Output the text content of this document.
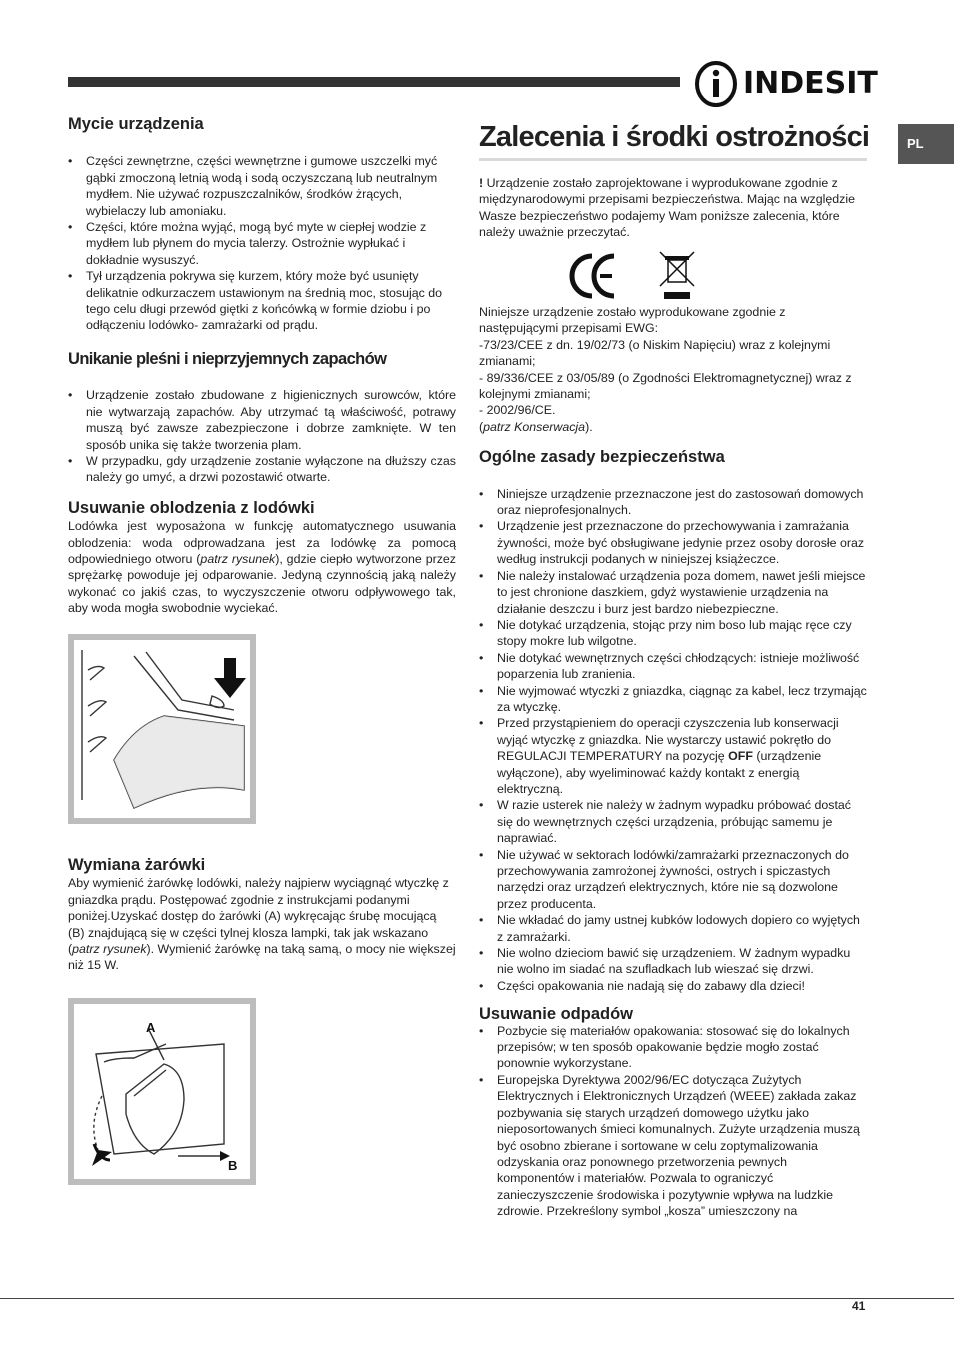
INDESIT
PL
Zalecenia i środki ostrożności
Mycie urządzenia
• Części zewnętrzne, części wewnętrzne i gumowe uszczelki myć gąbki zmoczoną letnią wodą i sodą oczyszczaną lub neutralnym mydłem. Nie używać rozpuszczalników, środków żrących, wybielaczy lub amoniaku.
• Części, które można wyjąć, mogą być myte w ciepłej wodzie z mydłem lub płynem do mycia talerzy. Ostrożnie wypłukać i dokładnie wysuszyć.
• Tył urządzenia pokrywa się kurzem, który może być usunięty delikatnie odkurzaczem ustawionym na średnią moc, stosując do tego celu długi przewód giętki z końcówką w formie dziobu i po odłączeniu lodówko- zamrażarki od prądu.
Unikanie pleśni i nieprzyjemnych zapachów
• Urządzenie zostało zbudowane z higienicznych surowców, które nie wytwarzają zapachów. Aby utrzymać tą właściwość, potrawy muszą być zawsze zabezpieczone i dobrze zamknięte. W ten sposób unika się także tworzenia plam.
• W przypadku, gdy urządzenie zostanie wyłączone na dłuższy czas należy go umyć, a drzwi pozostawić otwarte.
Usuwanie oblodzenia z lodówki

Lodówka jest wyposażona w funkcję automatycznego usuwania oblodzenia: woda odprowadzana jest za lodówkę za pomocą odpowiedniego otworu (patrz rysunek), gdzie ciepło wytworzone przez sprężarkę powoduje jej odparowanie. Jedyną czynnością jaką należy wykonać co jakiś czas, to wyczyszczenie otworu odpływowego tak, aby woda mogła swobodnie wyciekać.

Wymiana żarówki

Aby wymienić żarówkę lodówki, należy najpierw wyciągnąć wtyczkę z gniazdka prądu. Postępować zgodnie z instrukcjami podanymi poniżej.Uzyskać dostęp do żarówki (A) wykręcając śrubę mocującą (B) znajdującą się w części tylnej klosza lampki, tak jak wskazano (patrz rysunek). Wymienić żarówkę na taką samą, o mocy nie większej niż 15 W.

A
B

! Urządzenie zostało zaprojektowane i wyprodukowane zgodnie z międzynarodowymi przepisami bezpieczeństwa. Mając na względzie Wasze bezpieczeństwo podajemy Wam poniższe zalecenia, które należy uważnie przeczytać.

Niniejsze urządzenie zostało wyprodukowane zgodnie z następującymi przepisami EWG:

-73/23/CEE z dn. 19/02/73 (o Niskim Napięciu) wraz z kolejnymi zmianami;

- 89/336/CEE z 03/05/89 (o Zgodności Elektromagnetycznej) wraz z kolejnymi zmianami;

- 2002/96/CE.

(patrz Konserwacja).

Ogólne zasady bezpieczeństwa
• Niniejsze urządzenie przeznaczone jest do zastosowań domowych oraz nieprofesjonalnych.
• Urządzenie jest przeznaczone do przechowywania i zamrażania żywności, może być obsługiwane jedynie przez osoby dorosłe oraz według instrukcji podanych w niniejszej książeczce.
• Nie należy instalować urządzenia poza domem, nawet jeśli miejsce to jest chronione daszkiem, gdyż wystawienie urządzenia na działanie deszczu i burz jest bardzo niebezpieczne.
• Nie dotykać urządzenia, stojąc przy nim boso lub mając ręce czy stopy mokre lub wilgotne.
• Nie dotykać wewnętrznych części chłodzących: istnieje możliwość poparzenia lub zranienia.
• Nie wyjmować wtyczki z gniazdka, ciągnąc za kabel, lecz trzymając za wtyczkę.
• Przed przystąpieniem do operacji czyszczenia lub konserwacji wyjąć wtyczkę z gniazdka. Nie wystarczy ustawić pokrętło do REGULACJI TEMPERATURY na pozycję OFF (urządzenie wyłączone), aby wyeliminować każdy kontakt z energią elektryczną.
• W razie usterek nie należy w żadnym wypadku próbować dostać się do wewnętrznych części urządzenia, próbując samemu je naprawiać.
• Nie używać w sektorach lodówki/zamrażarki przeznaczonych do przechowywania zamrożonej żywności, ostrych i spiczastych narzędzi oraz urządzeń elektrycznych, które nie są dozwolone przez producenta.
• Nie wkładać do jamy ustnej kubków lodowych dopiero co wyjętych z zamrażarki.
• Nie wolno dzieciom bawić się urządzeniem. W żadnym wypadku nie wolno im siadać na szufladkach lub wieszać się drzwi.
• Części opakowania nie nadają się do zabawy dla dzieci!
Usuwanie odpadów
• Pozbycie się materiałów opakowania: stosować się do lokalnych przepisów; w ten sposób opakowanie będzie mogło zostać ponownie wykorzystane.
• Europejska Dyrektywa 2002/96/EC dotycząca Zużytych Elektrycznych i Elektronicznych Urządzeń (WEEE) zakłada zakaz pozbywania się starych urządzeń domowego użytku jako nieposortowanych śmieci komunalnych. Zużyte urządzenia muszą być osobno zbierane i sortowane w celu zoptymalizowania odzyskania oraz ponownego przetworzenia pewnych komponentów i materiałów. Pozwala to ograniczyć zanieczyszczenie środowiska i pozytywnie wpływa na ludzkie zdrowie. Przekreślony symbol „kosza” umieszczony na
41
